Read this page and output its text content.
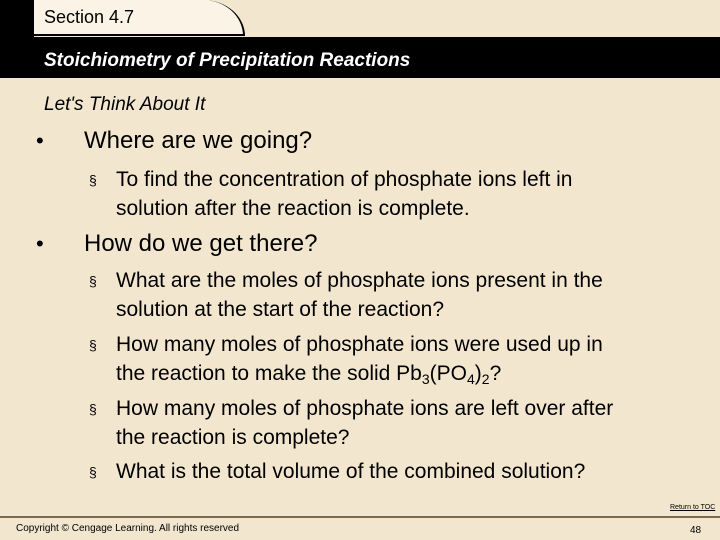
Section 4.7
Stoichiometry of Precipitation Reactions
Let's Think About It
• Where are we going?
§ To find the concentration of phosphate ions left in solution after the reaction is complete.
• How do we get there?
§ What are the moles of phosphate ions present in the solution at the start of the reaction?
§ How many moles of phosphate ions were used up in the reaction to make the solid $Pb_3(PO_4)_2$?
§ How many moles of phosphate ions are left over after the reaction is complete?
§ What is the total volume of the combined solution?
Return to TOC
Copyright © Cengage Learning. All rights reserved	48
